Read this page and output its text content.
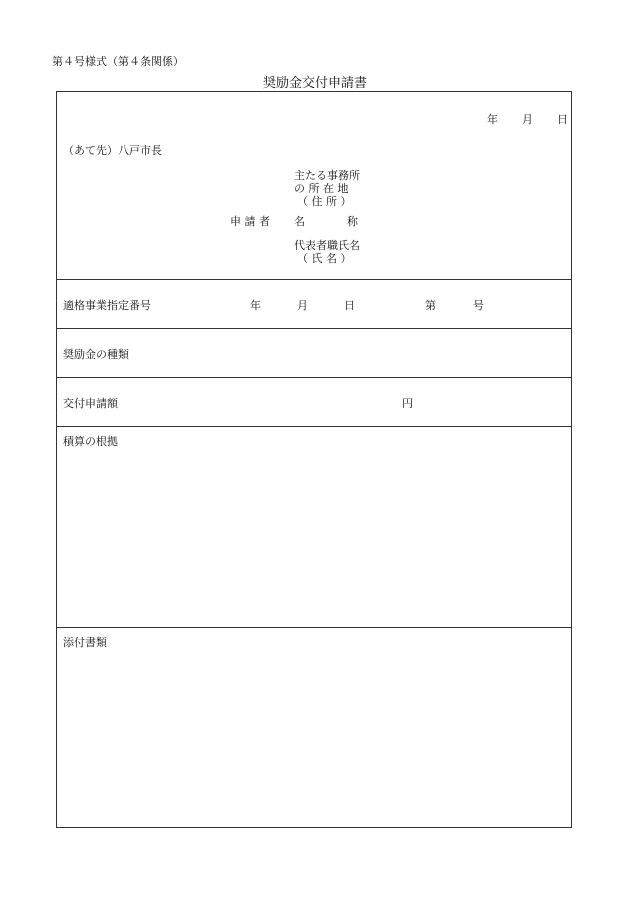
第４号様式（第４条関係）
奨励金交付申請書
年 月 日
（あて先）八戸市長
主たる事務所
の 所 在 地
（ 住 所 ）
申 請 者 名	称
代表者職氏名
（ 氏 名 ）
適格事業指定番号	年	月	日	第	号
奨励金の種類
交付申請額	円
積算の根拠
添付書類
